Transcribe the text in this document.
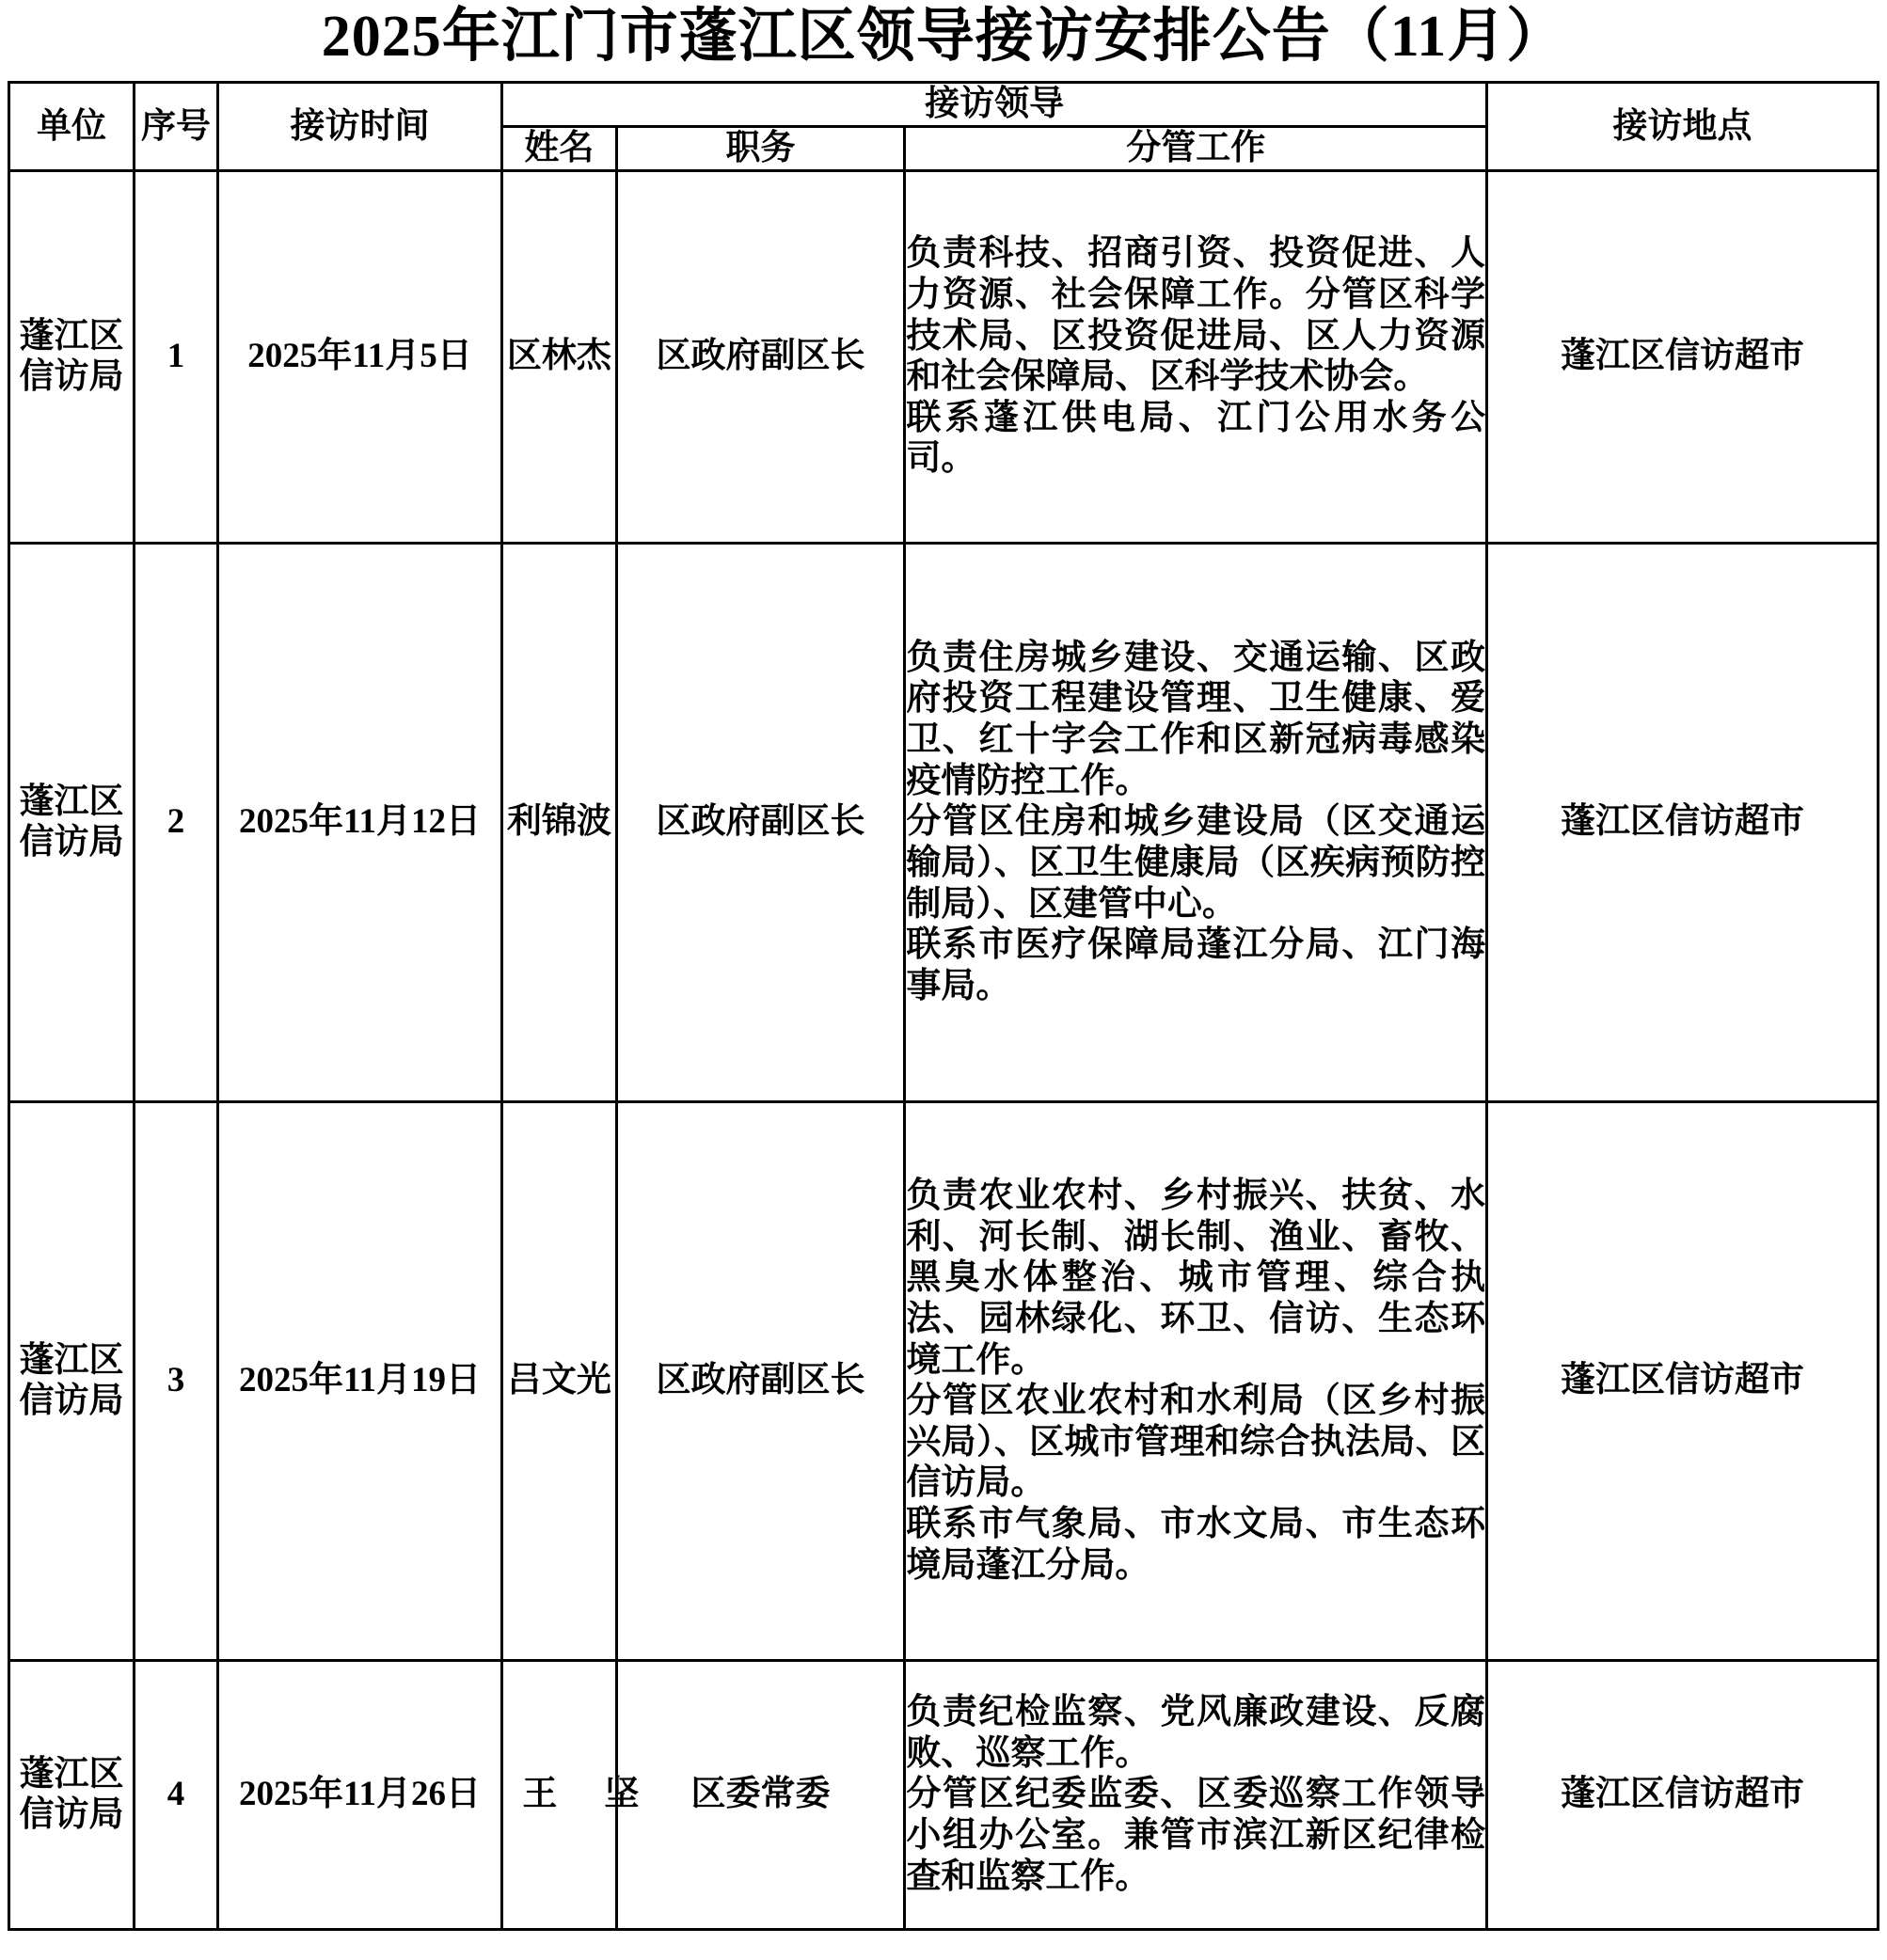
2025年江门市蓬江区领导接访安排公告（11月）
单位	序号	接访时间	接访领导			接访地点
			姓名	职务	分管工作	

蓬江区
信访局
	1	2025年11月5日	区林杰	区政府副区长	

负责科技、招商引资、投资促进、人力资源、社会保障工作。分管区科学技术局、区投资促进局、区人力资源和社会保障局、区科学技术协会。

联系蓬江供电局、江门公用水务公司。

	蓬江区信访超市

蓬江区
信访局
	2	2025年11月12日	利锦波	区政府副区长	

负责住房城乡建设、交通运输、区政府投资工程建设管理、卫生健康、爱卫、红十字会工作和区新冠病毒感染疫情防控工作。

分管区住房和城乡建设局（区交通运输局）、区卫生健康局（区疾病预防控制局）、区建管中心。

联系市医疗保障局蓬江分局、江门海事局。

	蓬江区信访超市

蓬江区
信访局
	3	2025年11月19日	吕文光	区政府副区长	

负责农业农村、乡村振兴、扶贫、水利、河长制、湖长制、渔业、畜牧、黑臭水体整治、城市管理、综合执法、园林绿化、环卫、信访、生态环境工作。

分管区农业农村和水利局（区乡村振兴局）、区城市管理和综合执法局、区信访局。

联系市气象局、市水文局、市生态环境局蓬江分局。

	蓬江区信访超市

蓬江区
信访局
	4	2025年11月26日	王 坚	区委常委	

负责纪检监察、党风廉政建设、反腐败、巡察工作。

分管区纪委监委、区委巡察工作领导小组办公室。兼管市滨江新区纪律检查和监察工作。

	蓬江区信访超市
